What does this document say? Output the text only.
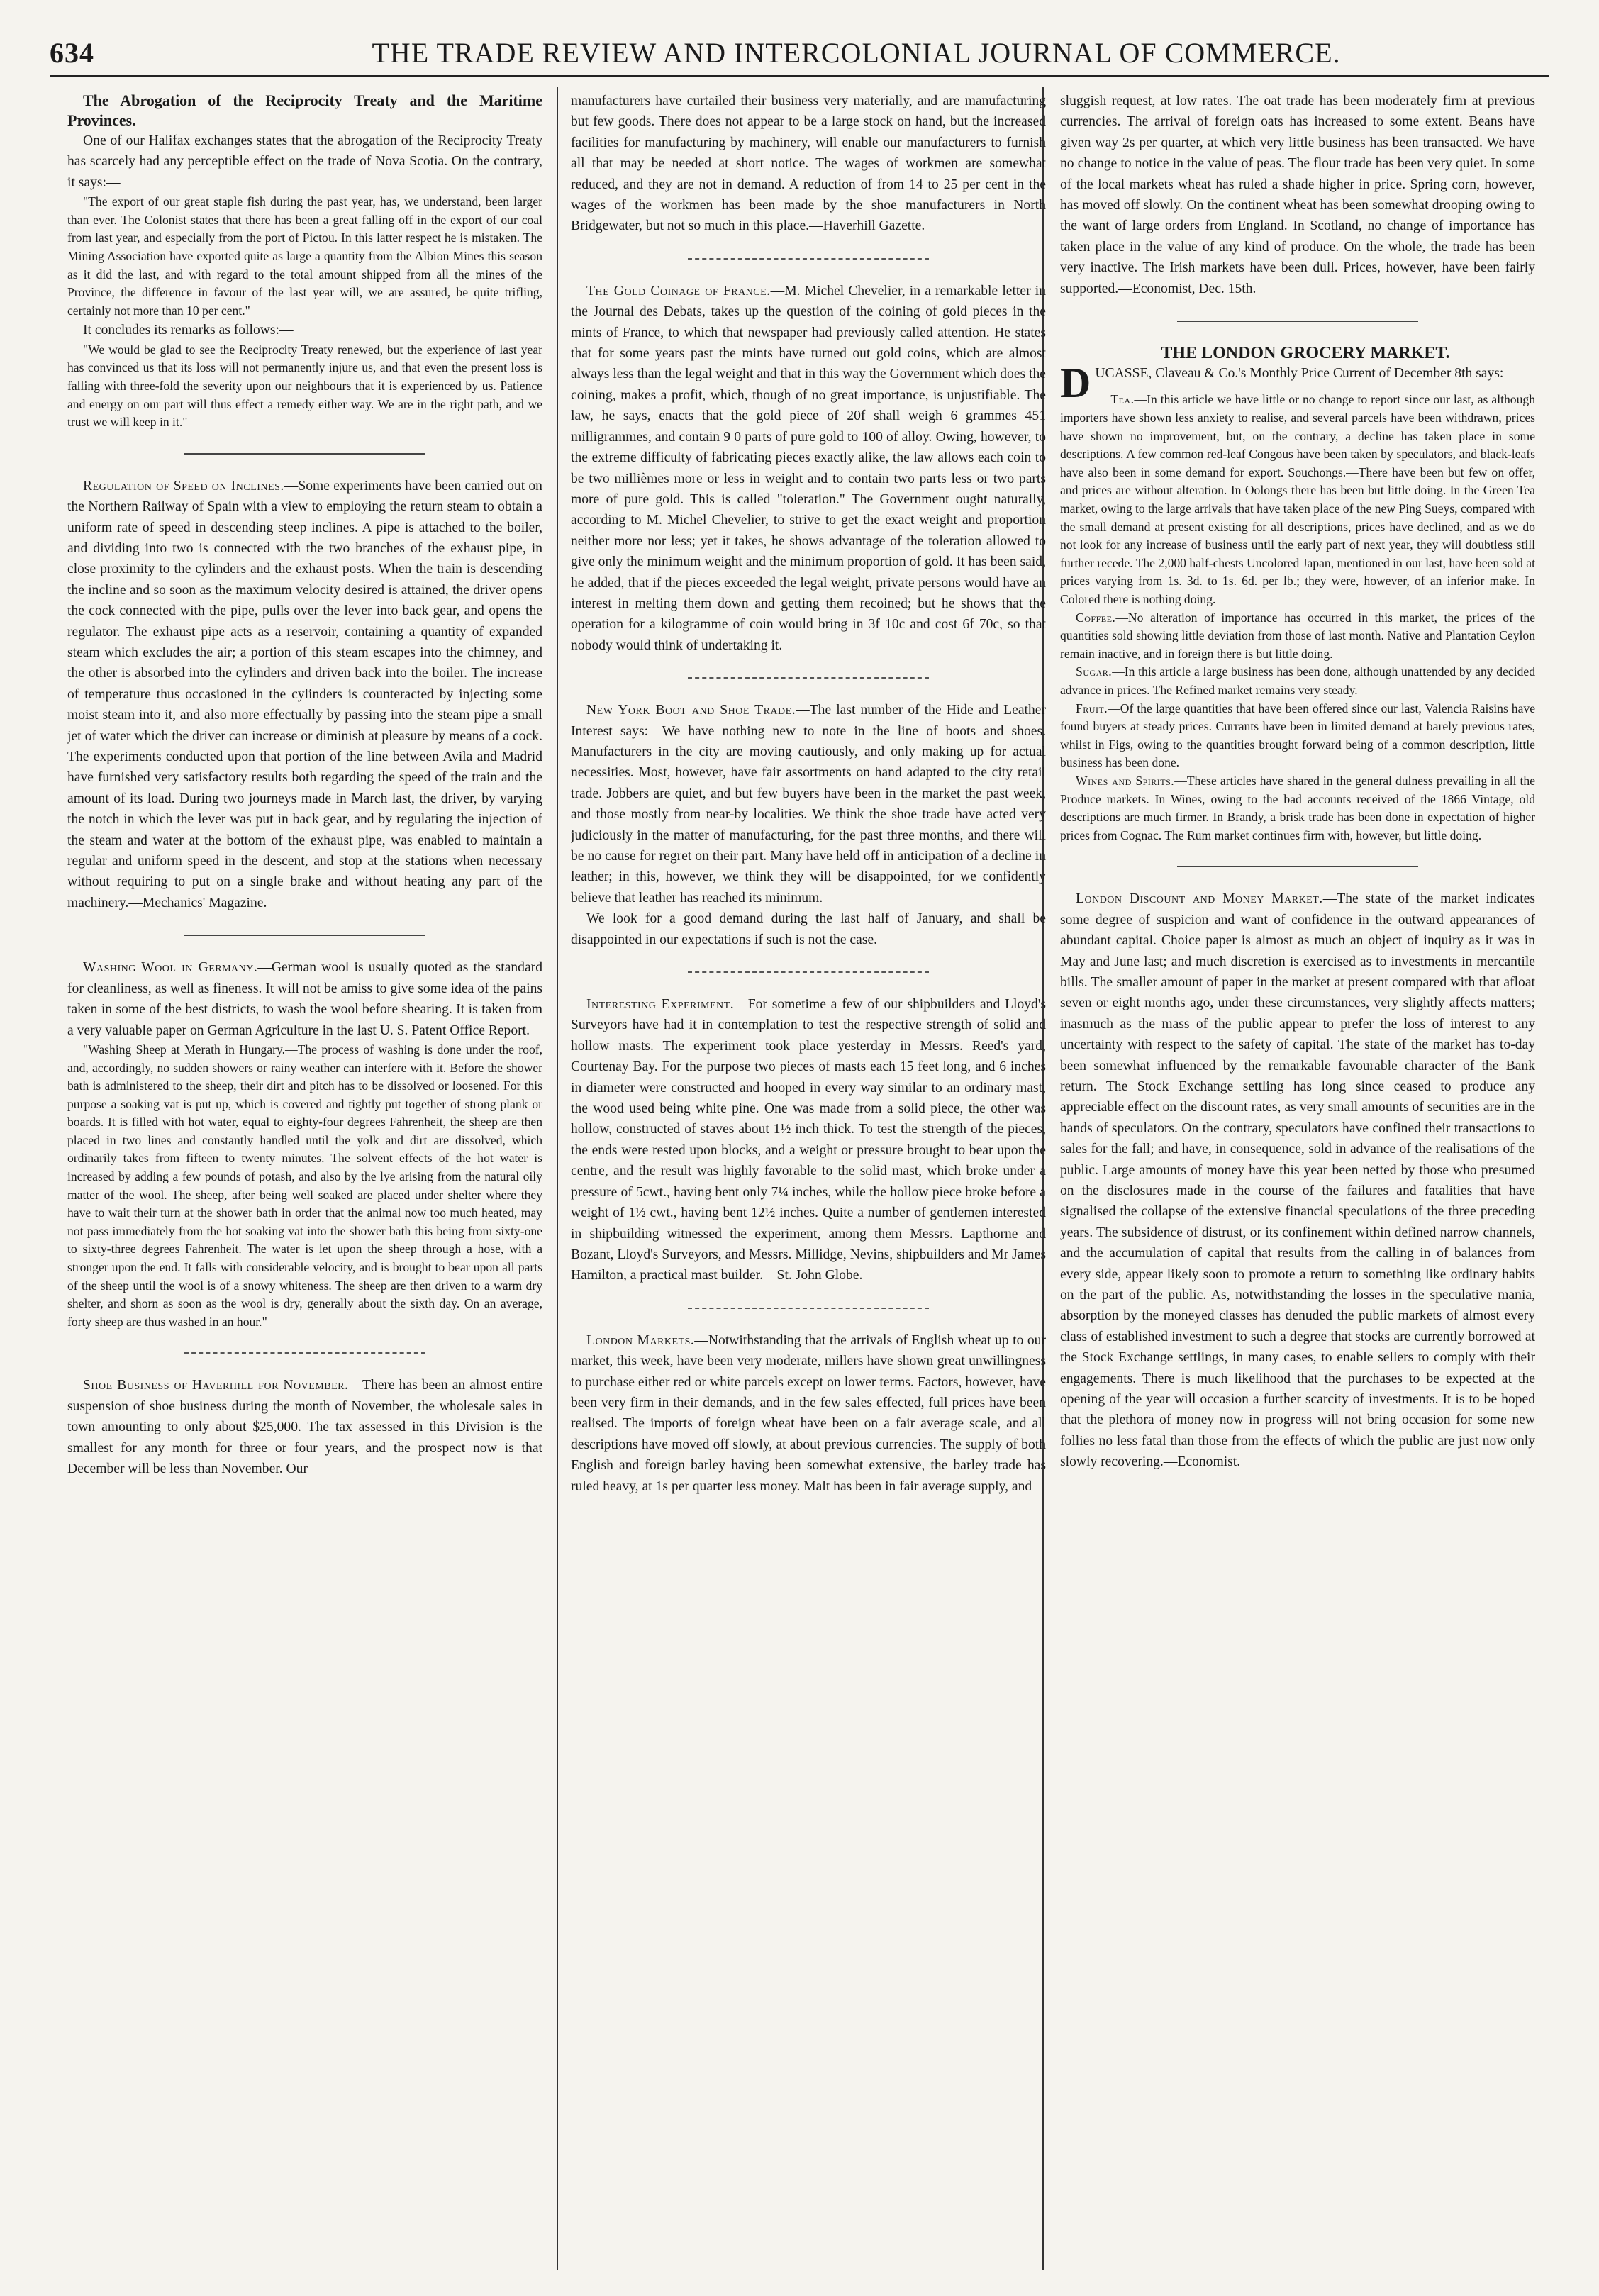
634	THE TRADE REVIEW AND INTERCOLONIAL JOURNAL OF COMMERCE.

The Abrogation of the Reciprocity Treaty and the Maritime Provinces.

One of our Halifax exchanges states that the abrogation of the Reciprocity Treaty has scarcely had any perceptible effect on the trade of Nova Scotia. On the contrary, it says:—

"The export of our great staple fish during the past year, has, we understand, been larger than ever. The Colonist states that there has been a great falling off in the export of our coal from last year, and especially from the port of Pictou. In this latter respect he is mistaken. The Mining Association have exported quite as large a quantity from the Albion Mines this season as it did the last, and with regard to the total amount shipped from all the mines of the Province, the difference in favour of the last year will, we are assured, be quite trifling, certainly not more than 10 per cent."

It concludes its remarks as follows:—

"We would be glad to see the Reciprocity Treaty renewed, but the experience of last year has convinced us that its loss will not permanently injure us, and that even the present loss is falling with three-fold the severity upon our neighbours that it is experienced by us. Patience and energy on our part will thus effect a remedy either way. We are in the right path, and we trust we will keep in it."

Regulation of Speed on Inclines.—Some experiments have been carried out on the Northern Railway of Spain with a view to employing the return steam to obtain a uniform rate of speed in descending steep inclines. A pipe is attached to the boiler, and dividing into two is connected with the two branches of the exhaust pipe, in close proximity to the cylinders and the exhaust posts. When the train is descending the incline and so soon as the maximum velocity desired is attained, the driver opens the cock connected with the pipe, pulls over the lever into back gear, and opens the regulator. The exhaust pipe acts as a reservoir, containing a quantity of expanded steam which excludes the air; a portion of this steam escapes into the chimney, and the other is absorbed into the cylinders and driven back into the boiler. The increase of temperature thus occasioned in the cylinders is counteracted by injecting some moist steam into it, and also more effectually by passing into the steam pipe a small jet of water which the driver can increase or diminish at pleasure by means of a cock. The experiments conducted upon that portion of the line between Avila and Madrid have furnished very satisfactory results both regarding the speed of the train and the amount of its load. During two journeys made in March last, the driver, by varying the notch in which the lever was put in back gear, and by regulating the injection of the steam and water at the bottom of the exhaust pipe, was enabled to maintain a regular and uniform speed in the descent, and stop at the stations when necessary without requiring to put on a single brake and without heating any part of the machinery.—Mechanics' Magazine.

Washing Wool in Germany.—German wool is usually quoted as the standard for cleanliness, as well as fineness. It will not be amiss to give some idea of the pains taken in some of the best districts, to wash the wool before shearing. It is taken from a very valuable paper on German Agriculture in the last U. S. Patent Office Report.

"Washing Sheep at Merath in Hungary.—The process of washing is done under the roof, and, accordingly, no sudden showers or rainy weather can interfere with it. Before the shower bath is administered to the sheep, their dirt and pitch has to be dissolved or loosened. For this purpose a soaking vat is put up, which is covered and tightly put together of strong plank or boards. It is filled with hot water, equal to eighty-four degrees Fahrenheit, the sheep are then placed in two lines and constantly handled until the yolk and dirt are dissolved, which ordinarily takes from fifteen to twenty minutes. The solvent effects of the hot water is increased by adding a few pounds of potash, and also by the lye arising from the natural oily matter of the wool. The sheep, after being well soaked are placed under shelter where they have to wait their turn at the shower bath in order that the animal now too much heated, may not pass immediately from the hot soaking vat into the shower bath this being from sixty-one to sixty-three degrees Fahrenheit. The water is let upon the sheep through a hose, with a stronger upon the end. It falls with considerable velocity, and is brought to bear upon all parts of the sheep until the wool is of a snowy whiteness. The sheep are then driven to a warm dry shelter, and shorn as soon as the wool is dry, generally about the sixth day. On an average, forty sheep are thus washed in an hour."

Shoe Business of Haverhill for November.—There has been an almost entire suspension of shoe business during the month of November, the wholesale sales in town amounting to only about $25,000. The tax assessed in this Division is the smallest for any month for three or four years, and the prospect now is that December will be less than November. Our

manufacturers have curtailed their business very materially, and are manufacturing but few goods. There does not appear to be a large stock on hand, but the increased facilities for manufacturing by machinery, will enable our manufacturers to furnish all that may be needed at short notice. The wages of workmen are somewhat reduced, and they are not in demand. A reduction of from 14 to 25 per cent in the wages of the workmen has been made by the shoe manufacturers in North Bridgewater, but not so much in this place.—Haverhill Gazette.

The Gold Coinage of France.—M. Michel Chevelier, in a remarkable letter in the Journal des Debats, takes up the question of the coining of gold pieces in the mints of France, to which that newspaper had previously called attention. He states that for some years past the mints have turned out gold coins, which are almost always less than the legal weight and that in this way the Government which does the coining, makes a profit, which, though of no great importance, is unjustifiable. The law, he says, enacts that the gold piece of 20f shall weigh 6 grammes 451 milligrammes, and contain 9 0 parts of pure gold to 100 of alloy. Owing, however, to the extreme difficulty of fabricating pieces exactly alike, the law allows each coin to be two millièmes more or less in weight and to contain two parts less or two parts more of pure gold. This is called "toleration." The Government ought naturally, according to M. Michel Chevelier, to strive to get the exact weight and proportion neither more nor less; yet it takes, he shows advantage of the toleration allowed to give only the minimum weight and the minimum proportion of gold. It has been said, he added, that if the pieces exceeded the legal weight, private persons would have an interest in melting them down and getting them recoined; but he shows that the operation for a kilogramme of coin would bring in 3f 10c and cost 6f 70c, so that nobody would think of undertaking it.

New York Boot and Shoe Trade.—The last number of the Hide and Leather Interest says:—We have nothing new to note in the line of boots and shoes. Manufacturers in the city are moving cautiously, and only making up for actual necessities. Most, however, have fair assortments on hand adapted to the city retail trade. Jobbers are quiet, and but few buyers have been in the market the past week, and those mostly from near-by localities. We think the shoe trade have acted very judiciously in the matter of manufacturing, for the past three months, and there will be no cause for regret on their part. Many have held off in anticipation of a decline in leather; in this, however, we think they will be disappointed, for we confidently believe that leather has reached its minimum.

We look for a good demand during the last half of January, and shall be disappointed in our expectations if such is not the case.

Interesting Experiment.—For sometime a few of our shipbuilders and Lloyd's Surveyors have had it in contemplation to test the respective strength of solid and hollow masts. The experiment took place yesterday in Messrs. Reed's yard, Courtenay Bay. For the purpose two pieces of masts each 15 feet long, and 6 inches in diameter were constructed and hooped in every way similar to an ordinary mast, the wood used being white pine. One was made from a solid piece, the other was hollow, constructed of staves about 1½ inch thick. To test the strength of the pieces, the ends were rested upon blocks, and a weight or pressure brought to bear upon the centre, and the result was highly favorable to the solid mast, which broke under a pressure of 5cwt., having bent only 7¼ inches, while the hollow piece broke before a weight of 1½ cwt., having bent 12½ inches. Quite a number of gentlemen interested in shipbuilding witnessed the experiment, among them Messrs. Lapthorne and Bozant, Lloyd's Surveyors, and Messrs. Millidge, Nevins, shipbuilders and Mr James Hamilton, a practical mast builder.—St. John Globe.

London Markets.—Notwithstanding that the arrivals of English wheat up to our market, this week, have been very moderate, millers have shown great unwillingness to purchase either red or white parcels except on lower terms. Factors, however, have been very firm in their demands, and in the few sales effected, full prices have been realised. The imports of foreign wheat have been on a fair average scale, and all descriptions have moved off slowly, at about previous currencies. The supply of both English and foreign barley having been somewhat extensive, the barley trade has ruled heavy, at 1s per quarter less money. Malt has been in fair average supply, and

sluggish request, at low rates. The oat trade has been moderately firm at previous currencies. The arrival of foreign oats has increased to some extent. Beans have given way 2s per quarter, at which very little business has been transacted. We have no change to notice in the value of peas. The flour trade has been very quiet. In some of the local markets wheat has ruled a shade higher in price. Spring corn, however, has moved off slowly. On the continent wheat has been somewhat drooping owing to the want of large orders from England. In Scotland, no change of importance has taken place in the value of any kind of produce. On the whole, the trade has been very inactive. The Irish markets have been dull. Prices, however, have been fairly supported.—Economist, Dec. 15th.

THE LONDON GROCERY MARKET.

DUCASSE, Claveau & Co.'s Monthly Price Current of December 8th says:—

Tea.—In this article we have little or no change to report since our last, as although importers have shown less anxiety to realise, and several parcels have been withdrawn, prices have shown no improvement, but, on the contrary, a decline has taken place in some descriptions. A few common red-leaf Congous have been taken by speculators, and black-leafs have also been in some demand for export. Souchongs.—There have been but few on offer, and prices are without alteration. In Oolongs there has been but little doing. In the Green Tea market, owing to the large arrivals that have taken place of the new Ping Sueys, compared with the small demand at present existing for all descriptions, prices have declined, and as we do not look for any increase of business until the early part of next year, they will doubtless still further recede. The 2,000 half-chests Uncolored Japan, mentioned in our last, have been sold at prices varying from 1s. 3d. to 1s. 6d. per lb.; they were, however, of an inferior make. In Colored there is nothing doing.

Coffee.—No alteration of importance has occurred in this market, the prices of the quantities sold showing little deviation from those of last month. Native and Plantation Ceylon remain inactive, and in foreign there is but little doing.

Sugar.—In this article a large business has been done, although unattended by any decided advance in prices. The Refined market remains very steady.

Fruit.—Of the large quantities that have been offered since our last, Valencia Raisins have found buyers at steady prices. Currants have been in limited demand at barely previous rates, whilst in Figs, owing to the quantities brought forward being of a common description, little business has been done.

Wines and Spirits.—These articles have shared in the general dulness prevailing in all the Produce markets. In Wines, owing to the bad accounts received of the 1866 Vintage, old descriptions are much firmer. In Brandy, a brisk trade has been done in expectation of higher prices from Cognac. The Rum market continues firm with, however, but little doing.

London Discount and Money Market.—The state of the market indicates some degree of suspicion and want of confidence in the outward appearances of abundant capital. Choice paper is almost as much an object of inquiry as it was in May and June last; and much discretion is exercised as to investments in mercantile bills. The smaller amount of paper in the market at present compared with that afloat seven or eight months ago, under these circumstances, very slightly affects matters; inasmuch as the mass of the public appear to prefer the loss of interest to any uncertainty with respect to the safety of capital. The state of the market has to-day been somewhat influenced by the remarkable favourable character of the Bank return. The Stock Exchange settling has long since ceased to produce any appreciable effect on the discount rates, as very small amounts of securities are in the hands of speculators. On the contrary, speculators have confined their transactions to sales for the fall; and have, in consequence, sold in advance of the realisations of the public. Large amounts of money have this year been netted by those who presumed on the disclosures made in the course of the failures and fatalities that have signalised the collapse of the extensive financial speculations of the three preceding years. The subsidence of distrust, or its confinement within defined narrow channels, and the accumulation of capital that results from the calling in of balances from every side, appear likely soon to promote a return to something like ordinary habits on the part of the public. As, notwithstanding the losses in the speculative mania, absorption by the moneyed classes has denuded the public markets of almost every class of established investment to such a degree that stocks are currently borrowed at the Stock Exchange settlings, in many cases, to enable sellers to comply with their engagements. There is much likelihood that the purchases to be expected at the opening of the year will occasion a further scarcity of investments. It is to be hoped that the plethora of money now in progress will not bring occasion for some new follies no less fatal than those from the effects of which the public are just now only slowly recovering.—Economist.
